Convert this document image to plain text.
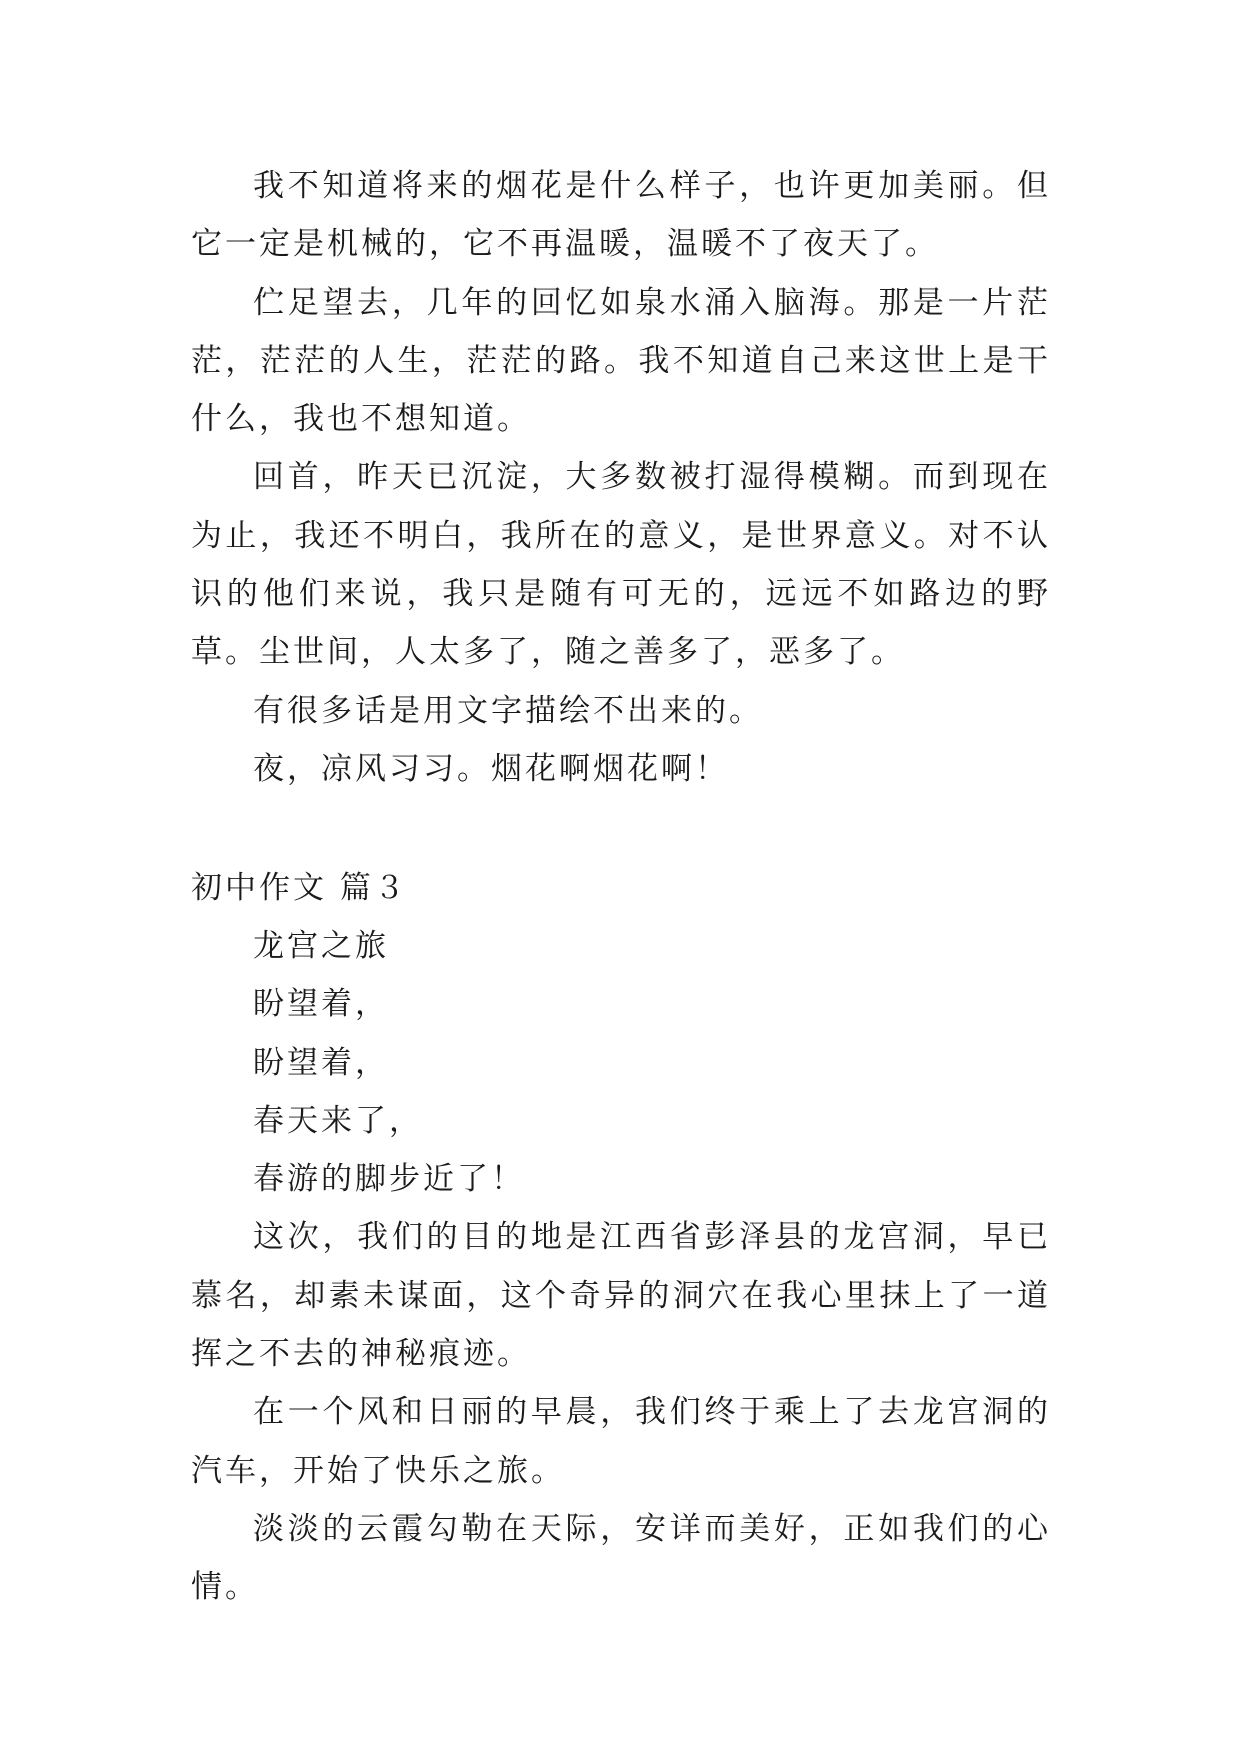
我不知道将来的烟花是什么样子，也许更加美丽。但它一定是机械的，它不再温暖，温暖不了夜天了。

伫足望去，几年的回忆如泉水涌入脑海。那是一片茫茫，茫茫的人生，茫茫的路。我不知道自己来这世上是干什么，我也不想知道。

回首，昨天已沉淀，大多数被打湿得模糊。而到现在为止，我还不明白，我所在的意义，是世界意义。对不认识的他们来说，我只是随有可无的，远远不如路边的野草。尘世间，人太多了，随之善多了，恶多了。

有很多话是用文字描绘不出来的。

夜，凉风习习。烟花啊烟花啊！

初中作文 篇３

龙宫之旅

盼望着，

盼望着，

春天来了，

春游的脚步近了！

这次，我们的目的地是江西省彭泽县的龙宫洞，早已慕名，却素未谋面，这个奇异的洞穴在我心里抹上了一道挥之不去的神秘痕迹。

在一个风和日丽的早晨，我们终于乘上了去龙宫洞的汽车，开始了快乐之旅。

淡淡的云霞勾勒在天际，安详而美好，正如我们的心情。
